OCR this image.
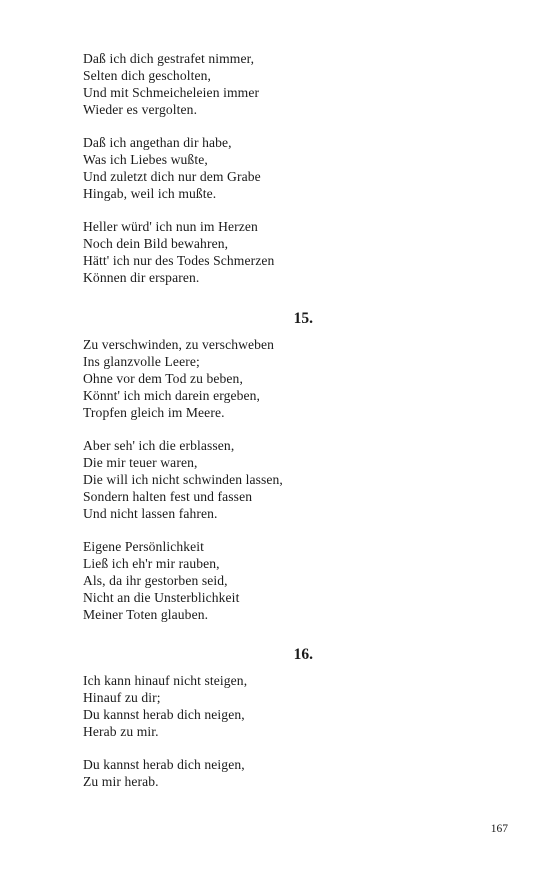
Daß ich dich gestrafet nimmer,
Selten dich gescholten,
Und mit Schmeicheleien immer
Wieder es vergolten.
Daß ich angethan dir habe,
Was ich Liebes wußte,
Und zuletzt dich nur dem Grabe
Hingab, weil ich mußte.
Heller würd' ich nun im Herzen
Noch dein Bild bewahren,
Hätt' ich nur des Todes Schmerzen
Können dir ersparen.
15.
Zu verschwinden, zu verschweben
Ins glanzvolle Leere;
Ohne vor dem Tod zu beben,
Könnt' ich mich darein ergeben,
Tropfen gleich im Meere.
Aber seh' ich die erblassen,
Die mir teuer waren,
Die will ich nicht schwinden lassen,
Sondern halten fest und fassen
Und nicht lassen fahren.
Eigene Persönlichkeit
Ließ ich eh'r mir rauben,
Als, da ihr gestorben seid,
Nicht an die Unsterblichkeit
Meiner Toten glauben.
16.
Ich kann hinauf nicht steigen,
Hinauf zu dir;
Du kannst herab dich neigen,
Herab zu mir.
Du kannst herab dich neigen,
Zu mir herab.
167
